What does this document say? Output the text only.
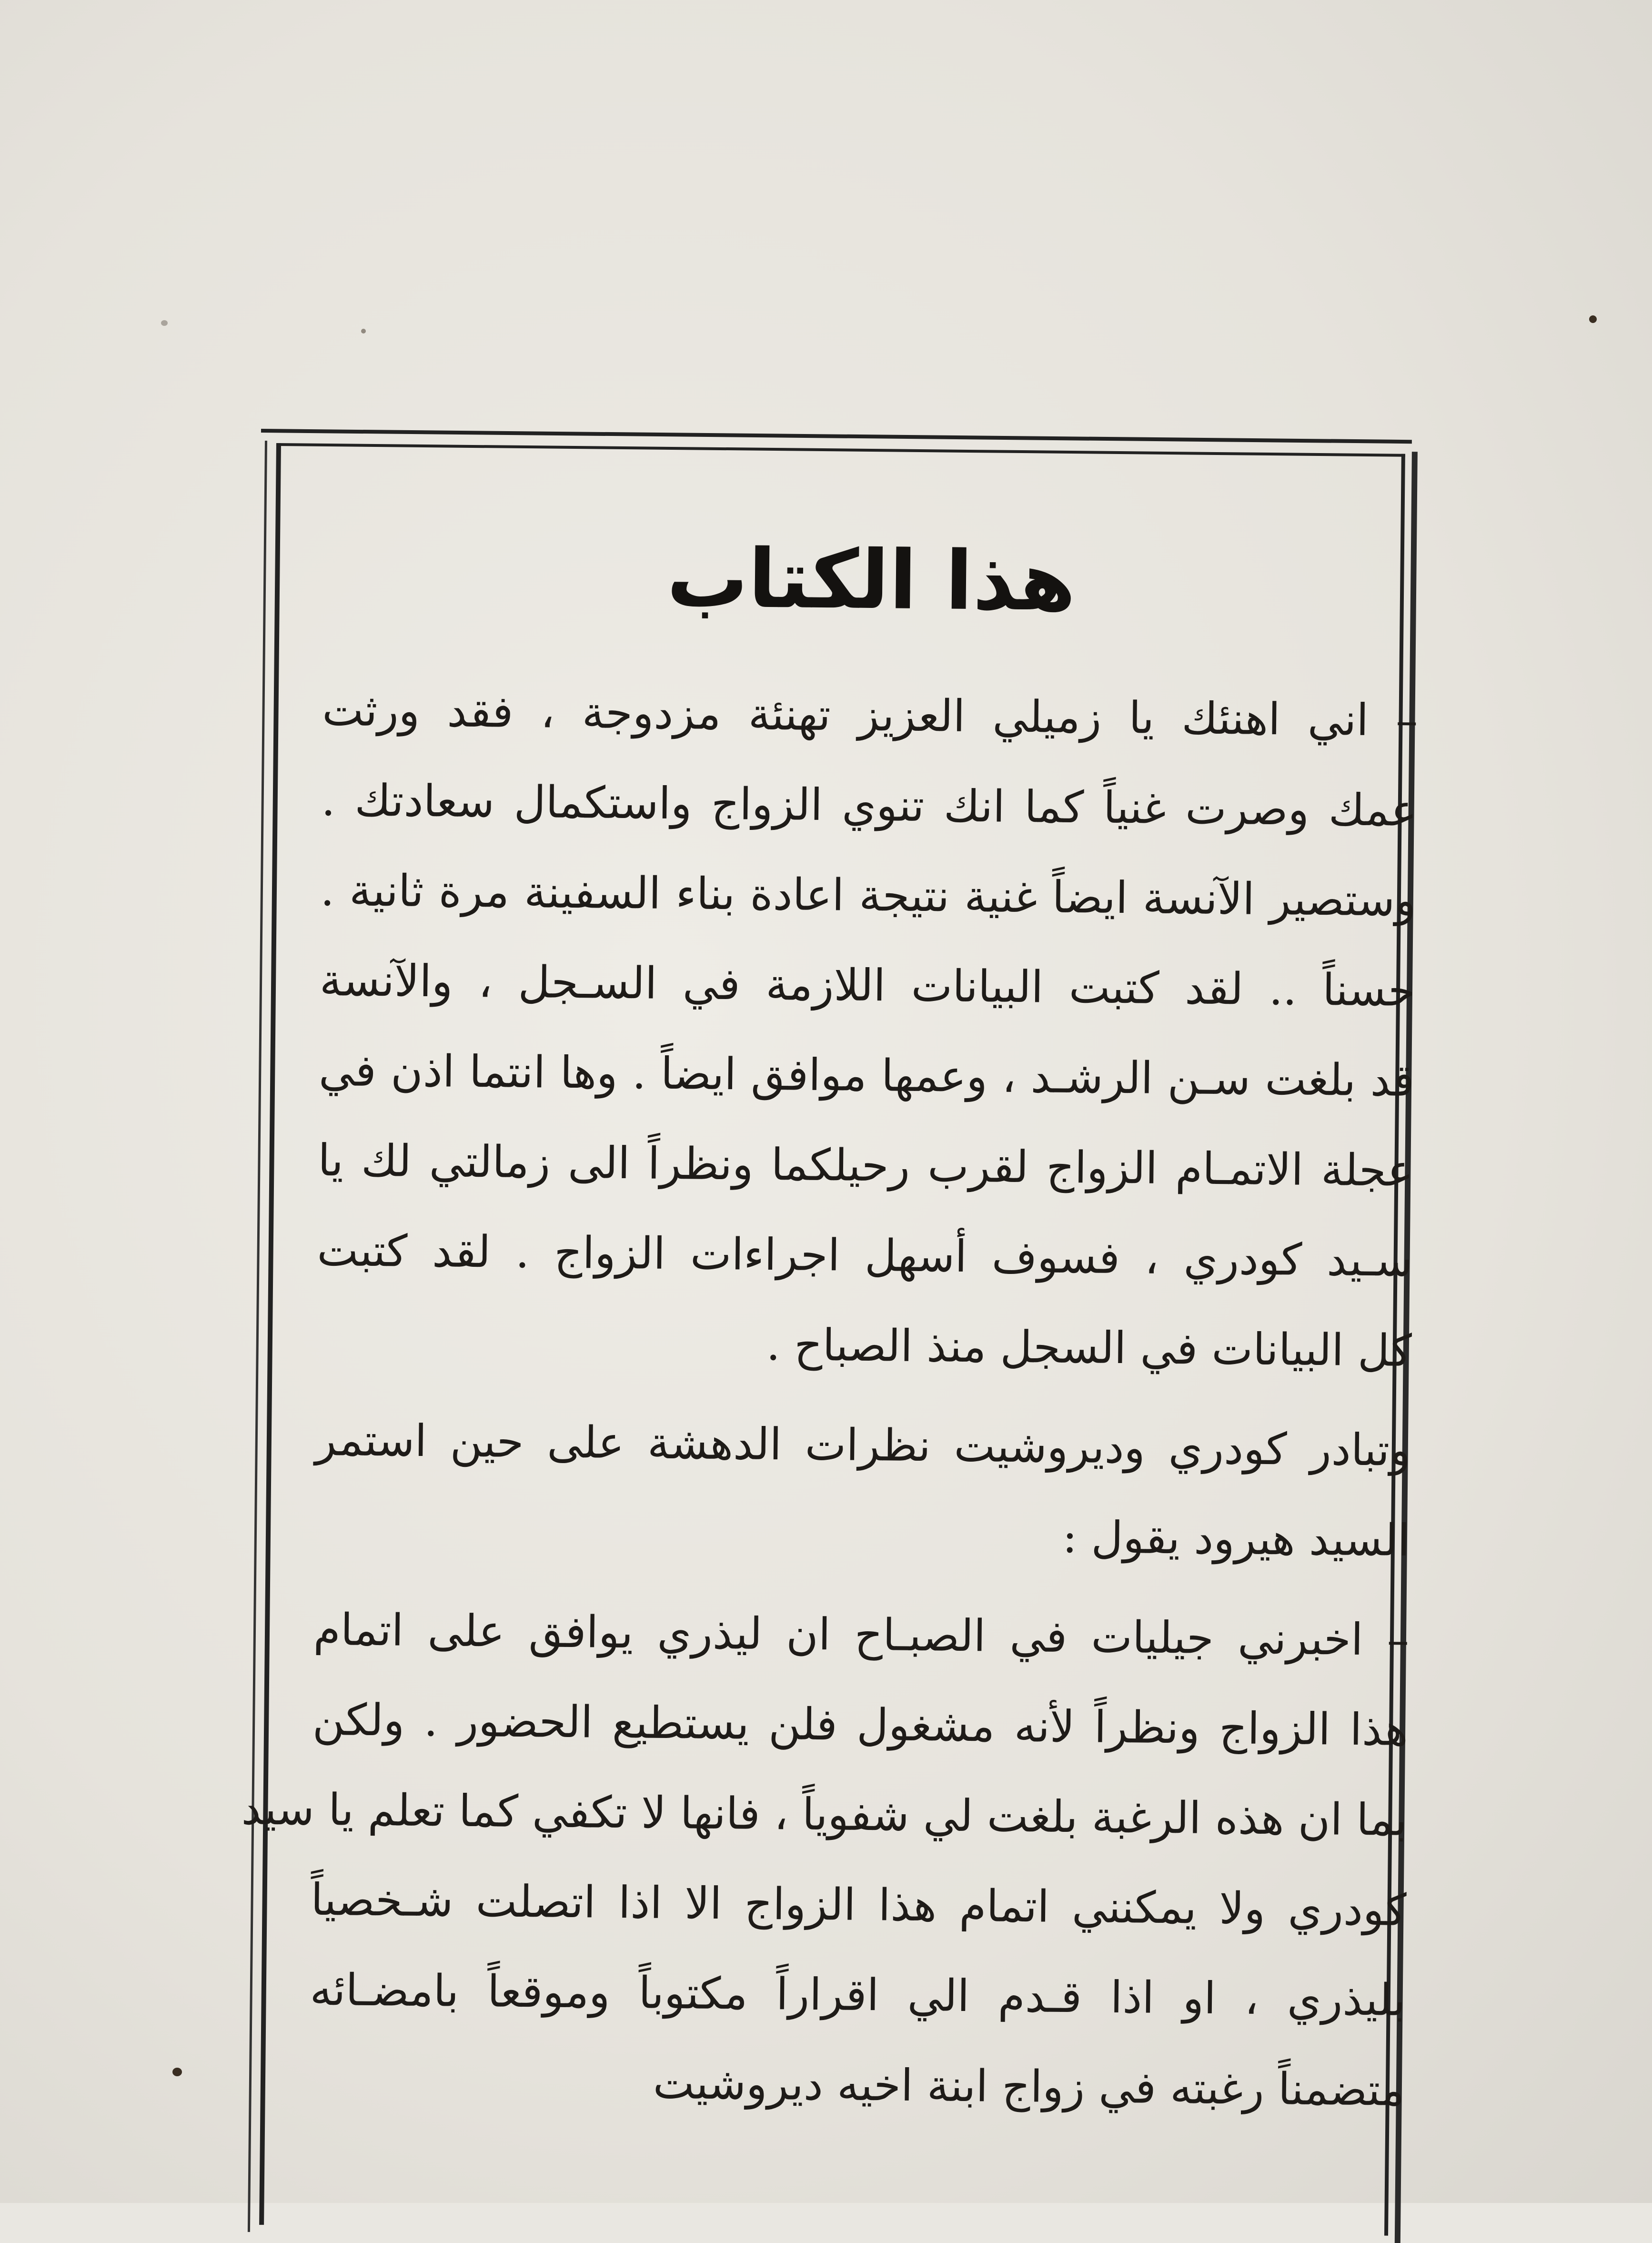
هذا الكتاب
– اني اهنئك يا زميلي العزيز تهنئة مزدوجة ، فقد ورثت
عمك وصرت غنياً كما انك تنوي الزواج واستكمال سعادتك .
وستصير الآنسة ايضاً غنية نتيجة اعادة بناء السفينة مرة ثانية .
حسناً .. لقد كتبت البيانات اللازمة في السـجل ، والآنسة
قد بلغت سـن الرشـد ، وعمها موافق ايضاً . وها انتما اذن في
عجلة الاتمـام الزواج لقرب رحيلكما ونظراً الى زمالتي لك يا
سـيد كودري ، فسوف أسهل اجراءات الزواج . لقد كتبت
كل البيانات في السجل منذ الصباح .
وتبادر كودري وديروشيت نظرات الدهشة على حين استمر
السيد هيرود يقول :
– اخبرني جيليات في الصبـاح ان ليذري يوافق على اتمام
هذا الزواج ونظراً لأنه مشغول فلن يستطيع الحضور . ولكن
بما ان هذه الرغبة بلغت لي شفوياً ، فانها لا تكفي كما تعلم يا سيد
كودري ولا يمكنني اتمام هذا الزواج الا اذا اتصلت شـخصياً
بليذري ، او اذا قـدم الي اقراراً مكتوباً وموقعاً بامضـائه
متضمناً رغبته في زواج ابنة اخيه ديروشيت
